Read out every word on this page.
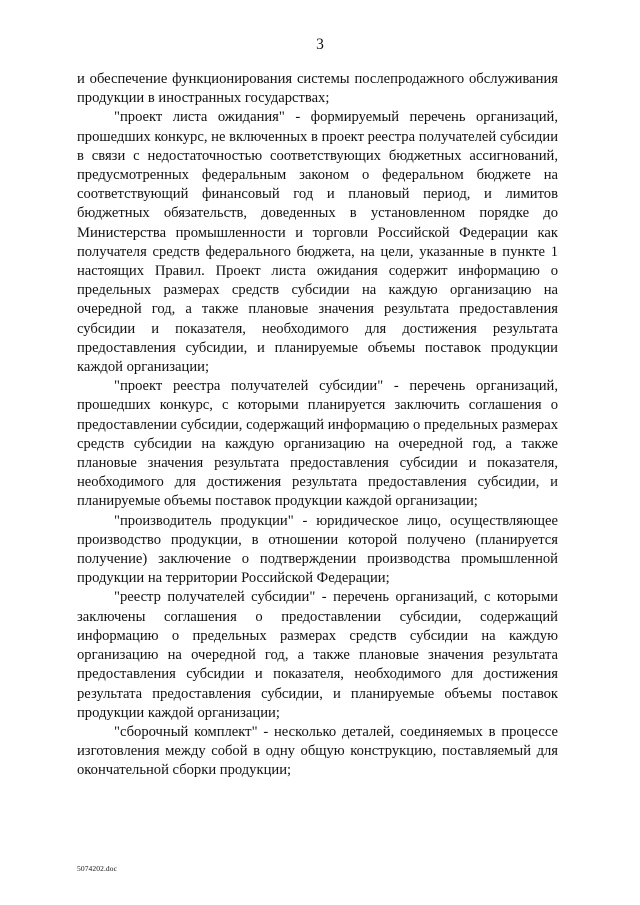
3

и обеспечение функционирования системы послепродажного обслуживания продукции в иностранных государствах;

"проект листа ожидания" - формируемый перечень организаций, прошедших конкурс, не включенных в проект реестра получателей субсидии в связи с недостаточностью соответствующих бюджетных ассигнований, предусмотренных федеральным законом о федеральном бюджете на соответствующий финансовый год и плановый период, и лимитов бюджетных обязательств, доведенных в установленном порядке до Министерства промышленности и торговли Российской Федерации как получателя средств федерального бюджета, на цели, указанные в пункте 1 настоящих Правил. Проект листа ожидания содержит информацию о предельных размерах средств субсидии на каждую организацию на очередной год, а также плановые значения результата предоставления субсидии и показателя, необходимого для достижения результата предоставления субсидии, и планируемые объемы поставок продукции каждой организации;

"проект реестра получателей субсидии" - перечень организаций, прошедших конкурс, с которыми планируется заключить соглашения о предоставлении субсидии, содержащий информацию о предельных размерах средств субсидии на каждую организацию на очередной год, а также плановые значения результата предоставления субсидии и показателя, необходимого для достижения результата предоставления субсидии, и планируемые объемы поставок продукции каждой организации;

"производитель продукции" - юридическое лицо, осуществляющее производство продукции, в отношении которой получено (планируется получение) заключение о подтверждении производства промышленной продукции на территории Российской Федерации;

"реестр получателей субсидии" - перечень организаций, с которыми заключены соглашения о предоставлении субсидии, содержащий информацию о предельных размерах средств субсидии на каждую организацию на очередной год, а также плановые значения результата предоставления субсидии и показателя, необходимого для достижения результата предоставления субсидии, и планируемые объемы поставок продукции каждой организации;

"сборочный комплект" - несколько деталей, соединяемых в процессе изготовления между собой в одну общую конструкцию, поставляемый для окончательной сборки продукции;

5074202.doc
